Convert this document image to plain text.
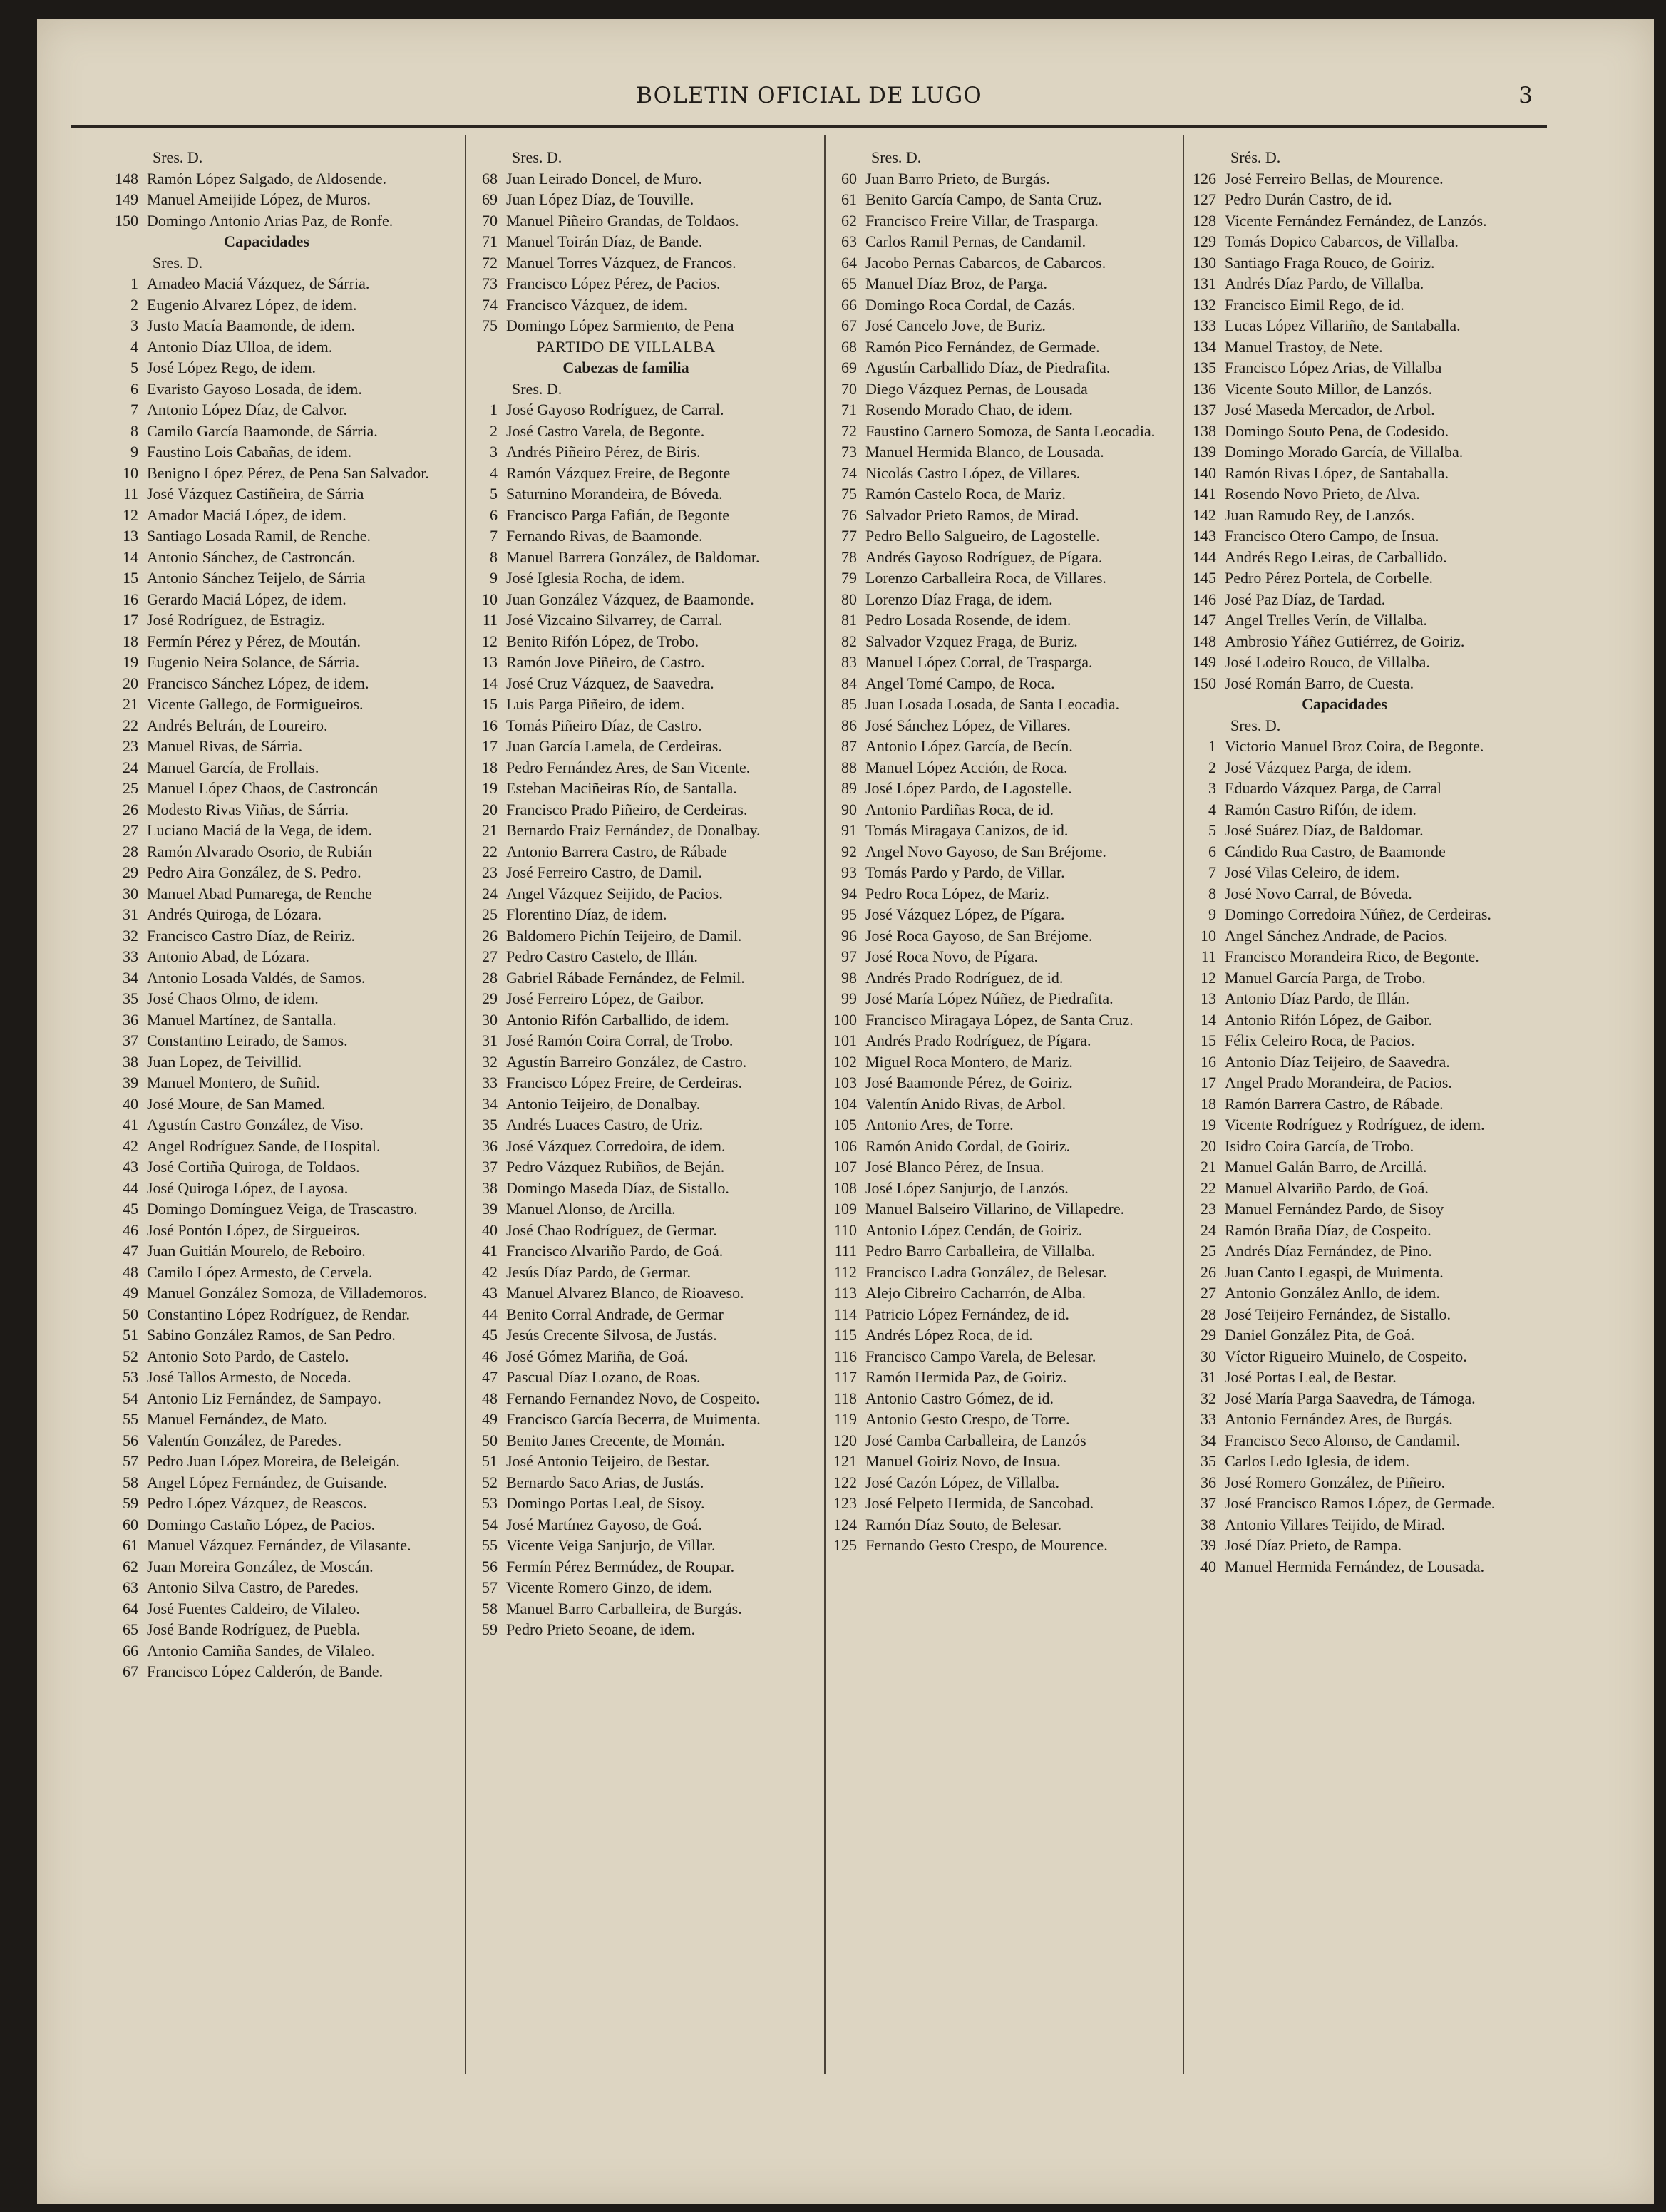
BOLETIN OFICIAL DE LUGO	3
Sres. D.
148 Ramón López Salgado, de Aldosende.
149 Manuel Ameijide López, de Muros.
150 Domingo Antonio Arias Paz, de Ronfe.
Capacidades
Sres. D.
1 Amadeo Maciá Vázquez, de Sárria.
2 Eugenio Alvarez López, de idem.
3 Justo Macía Baamonde, de idem.
4 Antonio Díaz Ulloa, de idem.
5 José López Rego, de idem.
6 Evaristo Gayoso Losada, de idem.
7 Antonio López Díaz, de Calvor.
8 Camilo García Baamonde, de Sárria.
9 Faustino Lois Cabañas, de idem.
10 Benigno López Pérez, de Pena San Salvador.
11 José Vázquez Castiñeira, de Sárria
12 Amador Maciá López, de idem.
13 Santiago Losada Ramil, de Renche.
14 Antonio Sánchez, de Castroncán.
15 Antonio Sánchez Teijelo, de Sárria
16 Gerardo Maciá López, de idem.
17 José Rodríguez, de Estragiz.
18 Fermín Pérez y Pérez, de Moután.
19 Eugenio Neira Solance, de Sárria.
20 Francisco Sánchez López, de idem.
21 Vicente Gallego, de Formigueiros.
22 Andrés Beltrán, de Loureiro.
23 Manuel Rivas, de Sárria.
24 Manuel García, de Frollais.
25 Manuel López Chaos, de Castroncán
26 Modesto Rivas Viñas, de Sárria.
27 Luciano Maciá de la Vega, de idem.
28 Ramón Alvarado Osorio, de Rubián
29 Pedro Aira González, de S. Pedro.
30 Manuel Abad Pumarega, de Renche
31 Andrés Quiroga, de Lózara.
32 Francisco Castro Díaz, de Reiriz.
33 Antonio Abad, de Lózara.
34 Antonio Losada Valdés, de Samos.
35 José Chaos Olmo, de idem.
36 Manuel Martínez, de Santalla.
37 Constantino Leirado, de Samos.
38 Juan Lopez, de Teivillid.
39 Manuel Montero, de Suñid.
40 José Moure, de San Mamed.
41 Agustín Castro González, de Viso.
42 Angel Rodríguez Sande, de Hospital.
43 José Cortiña Quiroga, de Toldaos.
44 José Quiroga López, de Layosa.
45 Domingo Domínguez Veiga, de Trascastro.
46 José Pontón López, de Sirgueiros.
47 Juan Guitián Mourelo, de Reboiro.
48 Camilo López Armesto, de Cervela.
49 Manuel González Somoza, de Villademoros.
50 Constantino López Rodríguez, de Rendar.
51 Sabino González Ramos, de San Pedro.
52 Antonio Soto Pardo, de Castelo.
53 José Tallos Armesto, de Noceda.
54 Antonio Liz Fernández, de Sampayo.
55 Manuel Fernández, de Mato.
56 Valentín González, de Paredes.
57 Pedro Juan López Moreira, de Beleigán.
58 Angel López Fernández, de Guisande.
59 Pedro López Vázquez, de Reascos.
60 Domingo Castaño López, de Pacios.
61 Manuel Vázquez Fernández, de Vilasante.
62 Juan Moreira González, de Moscán.
63 Antonio Silva Castro, de Paredes.
64 José Fuentes Caldeiro, de Vilaleo.
65 José Bande Rodríguez, de Puebla.
66 Antonio Camiña Sandes, de Vilaleo.
67 Francisco López Calderón, de Bande.
Sres. D.
68 Juan Leirado Doncel, de Muro.
69 Juan López Díaz, de Touville.
70 Manuel Piñeiro Grandas, de Toldaos.
71 Manuel Toirán Díaz, de Bande.
72 Manuel Torres Vázquez, de Francos.
73 Francisco López Pérez, de Pacios.
74 Francisco Vázquez, de idem.
75 Domingo López Sarmiento, de Pena
PARTIDO DE VILLALBA
Cabezas de familia
Sres. D.
1 José Gayoso Rodríguez, de Carral.
2 José Castro Varela, de Begonte.
3 Andrés Piñeiro Pérez, de Biris.
4 Ramón Vázquez Freire, de Begonte
5 Saturnino Morandeira, de Bóveda.
6 Francisco Parga Fafián, de Begonte
7 Fernando Rivas, de Baamonde.
8 Manuel Barrera González, de Baldomar.
9 José Iglesia Rocha, de idem.
10 Juan González Vázquez, de Baamonde.
11 José Vizcaino Silvarrey, de Carral.
12 Benito Rifón López, de Trobo.
13 Ramón Jove Piñeiro, de Castro.
14 José Cruz Vázquez, de Saavedra.
15 Luis Parga Piñeiro, de idem.
16 Tomás Piñeiro Díaz, de Castro.
17 Juan García Lamela, de Cerdeiras.
18 Pedro Fernández Ares, de San Vicente.
19 Esteban Maciñeiras Río, de Santalla.
20 Francisco Prado Piñeiro, de Cerdeiras.
21 Bernardo Fraiz Fernández, de Donalbay.
22 Antonio Barrera Castro, de Rábade
23 José Ferreiro Castro, de Damil.
24 Angel Vázquez Seijido, de Pacios.
25 Florentino Díaz, de idem.
26 Baldomero Pichín Teijeiro, de Damil.
27 Pedro Castro Castelo, de Illán.
28 Gabriel Rábade Fernández, de Felmil.
29 José Ferreiro López, de Gaibor.
30 Antonio Rifón Carballido, de idem.
31 José Ramón Coira Corral, de Trobo.
32 Agustín Barreiro González, de Castro.
33 Francisco López Freire, de Cerdeiras.
34 Antonio Teijeiro, de Donalbay.
35 Andrés Luaces Castro, de Uriz.
36 José Vázquez Corredoira, de idem.
37 Pedro Vázquez Rubiños, de Beján.
38 Domingo Maseda Díaz, de Sistallo.
39 Manuel Alonso, de Arcilla.
40 José Chao Rodríguez, de Germar.
41 Francisco Alvariño Pardo, de Goá.
42 Jesús Díaz Pardo, de Germar.
43 Manuel Alvarez Blanco, de Rioaveso.
44 Benito Corral Andrade, de Germar
45 Jesús Crecente Silvosa, de Justás.
46 José Gómez Mariña, de Goá.
47 Pascual Díaz Lozano, de Roas.
48 Fernando Fernandez Novo, de Cospeito.
49 Francisco García Becerra, de Muimenta.
50 Benito Janes Crecente, de Momán.
51 José Antonio Teijeiro, de Bestar.
52 Bernardo Saco Arias, de Justás.
53 Domingo Portas Leal, de Sisoy.
54 José Martínez Gayoso, de Goá.
55 Vicente Veiga Sanjurjo, de Villar.
56 Fermín Pérez Bermúdez, de Roupar.
57 Vicente Romero Ginzo, de idem.
58 Manuel Barro Carballeira, de Burgás.
59 Pedro Prieto Seoane, de idem.
Sres. D.
60 Juan Barro Prieto, de Burgás.
61 Benito García Campo, de Santa Cruz.
62 Francisco Freire Villar, de Trasparga.
63 Carlos Ramil Pernas, de Candamil.
64 Jacobo Pernas Cabarcos, de Cabarcos.
65 Manuel Díaz Broz, de Parga.
66 Domingo Roca Cordal, de Cazás.
67 José Cancelo Jove, de Buriz.
68 Ramón Pico Fernández, de Germade.
69 Agustín Carballido Díaz, de Piedrafita.
70 Diego Vázquez Pernas, de Lousada
71 Rosendo Morado Chao, de idem.
72 Faustino Carnero Somoza, de Santa Leocadia.
73 Manuel Hermida Blanco, de Lousada.
74 Nicolás Castro López, de Villares.
75 Ramón Castelo Roca, de Mariz.
76 Salvador Prieto Ramos, de Mirad.
77 Pedro Bello Salgueiro, de Lagostelle.
78 Andrés Gayoso Rodríguez, de Pígara.
79 Lorenzo Carballeira Roca, de Villares.
80 Lorenzo Díaz Fraga, de idem.
81 Pedro Losada Rosende, de idem.
82 Salvador Vzquez Fraga, de Buriz.
83 Manuel López Corral, de Trasparga.
84 Angel Tomé Campo, de Roca.
85 Juan Losada Losada, de Santa Leocadia.
86 José Sánchez López, de Villares.
87 Antonio López García, de Becín.
88 Manuel López Acción, de Roca.
89 José López Pardo, de Lagostelle.
90 Antonio Pardiñas Roca, de id.
91 Tomás Miragaya Canizos, de id.
92 Angel Novo Gayoso, de San Bréjome.
93 Tomás Pardo y Pardo, de Villar.
94 Pedro Roca López, de Mariz.
95 José Vázquez López, de Pígara.
96 José Roca Gayoso, de San Bréjome.
97 José Roca Novo, de Pígara.
98 Andrés Prado Rodríguez, de id.
99 José María López Núñez, de Piedrafita.
100 Francisco Miragaya López, de Santa Cruz.
101 Andrés Prado Rodríguez, de Pígara.
102 Miguel Roca Montero, de Mariz.
103 José Baamonde Pérez, de Goiriz.
104 Valentín Anido Rivas, de Arbol.
105 Antonio Ares, de Torre.
106 Ramón Anido Cordal, de Goiriz.
107 José Blanco Pérez, de Insua.
108 José López Sanjurjo, de Lanzós.
109 Manuel Balseiro Villarino, de Villapedre.
110 Antonio López Cendán, de Goiriz.
111 Pedro Barro Carballeira, de Villalba.
112 Francisco Ladra González, de Belesar.
113 Alejo Cibreiro Cacharrón, de Alba.
114 Patricio López Fernández, de id.
115 Andrés López Roca, de id.
116 Francisco Campo Varela, de Belesar.
117 Ramón Hermida Paz, de Goiriz.
118 Antonio Castro Gómez, de id.
119 Antonio Gesto Crespo, de Torre.
120 José Camba Carballeira, de Lanzós
121 Manuel Goiriz Novo, de Insua.
122 José Cazón López, de Villalba.
123 José Felpeto Hermida, de Sancobad.
124 Ramón Díaz Souto, de Belesar.
125 Fernando Gesto Crespo, de Mourence.
Srés. D.
126 José Ferreiro Bellas, de Mourence.
127 Pedro Durán Castro, de id.
128 Vicente Fernández Fernández, de Lanzós.
129 Tomás Dopico Cabarcos, de Villalba.
130 Santiago Fraga Rouco, de Goiriz.
131 Andrés Díaz Pardo, de Villalba.
132 Francisco Eimil Rego, de id.
133 Lucas López Villariño, de Santaballa.
134 Manuel Trastoy, de Nete.
135 Francisco López Arias, de Villalba
136 Vicente Souto Millor, de Lanzós.
137 José Maseda Mercador, de Arbol.
138 Domingo Souto Pena, de Codesido.
139 Domingo Morado García, de Villalba.
140 Ramón Rivas López, de Santaballa.
141 Rosendo Novo Prieto, de Alva.
142 Juan Ramudo Rey, de Lanzós.
143 Francisco Otero Campo, de Insua.
144 Andrés Rego Leiras, de Carballido.
145 Pedro Pérez Portela, de Corbelle.
146 José Paz Díaz, de Tardad.
147 Angel Trelles Verín, de Villalba.
148 Ambrosio Yáñez Gutiérrez, de Goiriz.
149 José Lodeiro Rouco, de Villalba.
150 José Román Barro, de Cuesta.
Capacidades
Sres. D.
1 Victorio Manuel Broz Coira, de Begonte.
2 José Vázquez Parga, de idem.
3 Eduardo Vázquez Parga, de Carral
4 Ramón Castro Rifón, de idem.
5 José Suárez Díaz, de Baldomar.
6 Cándido Rua Castro, de Baamonde
7 José Vilas Celeiro, de idem.
8 José Novo Carral, de Bóveda.
9 Domingo Corredoira Núñez, de Cerdeiras.
10 Angel Sánchez Andrade, de Pacios.
11 Francisco Morandeira Rico, de Begonte.
12 Manuel García Parga, de Trobo.
13 Antonio Díaz Pardo, de Illán.
14 Antonio Rifón López, de Gaibor.
15 Félix Celeiro Roca, de Pacios.
16 Antonio Díaz Teijeiro, de Saavedra.
17 Angel Prado Morandeira, de Pacios.
18 Ramón Barrera Castro, de Rábade.
19 Vicente Rodríguez y Rodríguez, de idem.
20 Isidro Coira García, de Trobo.
21 Manuel Galán Barro, de Arcillá.
22 Manuel Alvariño Pardo, de Goá.
23 Manuel Fernández Pardo, de Sisoy
24 Ramón Braña Díaz, de Cospeito.
25 Andrés Díaz Fernández, de Pino.
26 Juan Canto Legaspi, de Muimenta.
27 Antonio González Anllo, de idem.
28 José Teijeiro Fernández, de Sistallo.
29 Daniel González Pita, de Goá.
30 Víctor Rigueiro Muinelo, de Cospeito.
31 José Portas Leal, de Bestar.
32 José María Parga Saavedra, de Támoga.
33 Antonio Fernández Ares, de Burgás.
34 Francisco Seco Alonso, de Candamil.
35 Carlos Ledo Iglesia, de idem.
36 José Romero González, de Piñeiro.
37 José Francisco Ramos López, de Germade.
38 Antonio Villares Teijido, de Mirad.
39 José Díaz Prieto, de Rampa.
40 Manuel Hermida Fernández, de Lousada.
